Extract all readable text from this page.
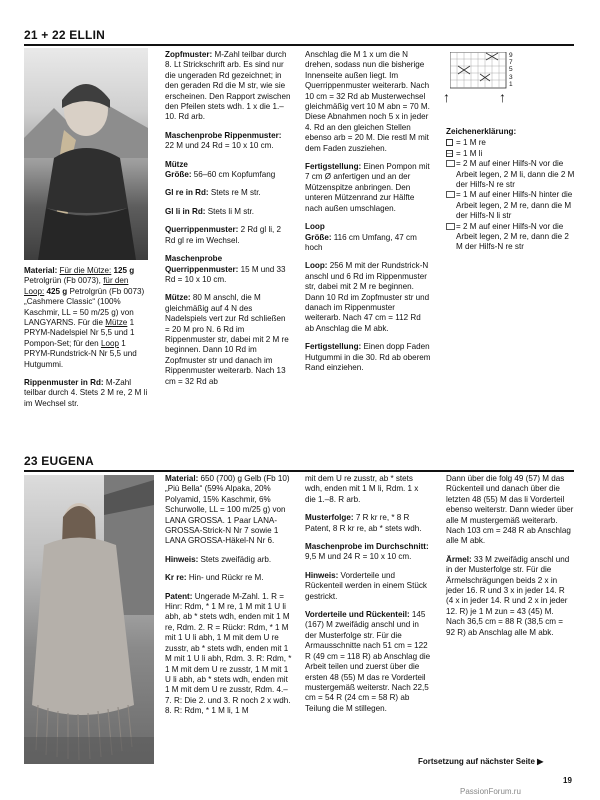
21 + 22 ELLIN

Material: Für die Mütze: 125 g Petrolgrün (Fb 0073), für den Loop: 425 g Petrolgrün (Fb 0073) „Cashmere Classic“ (100% Kaschmir, LL = 50 m/25 g) von LANGYARNS. Für die Mütze 1 PRYM-Nadelspiel Nr 5,5 und 1 Pompon-Set; für den Loop 1 PRYM-Rundstrick-N Nr 5,5 und Hutgummi.

Rippenmuster in Rd: M-Zahl teilbar durch 4. Stets 2 M re, 2 M li im Wechsel str.

Zopfmuster: M-Zahl teilbar durch 8. Lt Strickschrift arb. Es sind nur die ungeraden Rd gezeichnet; in den geraden Rd die M str, wie sie erscheinen. Den Rapport zwischen den Pfeilen stets wdh. 1 x die 1.–10. Rd arb.

Maschenprobe Rippenmuster: 22 M und 24 Rd = 10 x 10 cm.

Mütze

Größe: 56–60 cm Kopfumfang

Gl re in Rd: Stets re M str.

Gl li in Rd: Stets li M str.

Querrippenmuster: 2 Rd gl li, 2 Rd gl re im Wechsel.

Maschenprobe Querrippenmuster: 15 M und 33 Rd = 10 x 10 cm.

Mütze: 80 M anschl, die M gleichmäßig auf 4 N des Nadelspiels vert zur Rd schließen = 20 M pro N. 6 Rd im Rippenmuster str, dabei mit 2 M re beginnen. Dann 10 Rd im Zopfmuster str und danach im Rippenmuster weiterarb. Nach 13 cm = 32 Rd ab

Anschlag die M 1 x um die N drehen, sodass nun die bisherige Innenseite außen liegt. Im Querrippenmuster weiterarb. Nach 10 cm = 32 Rd ab Musterwechsel gleichmäßig vert 10 M abn = 70 M. Diese Abnahmen noch 5 x in jeder 4. Rd an den gleichen Stellen ebenso arb = 20 M. Die restl M mit dem Faden zusziehen.

Fertigstellung: Einen Pompon mit 7 cm Ø anfertigen und an der Mützenspitze anbringen. Den unteren Mützenrand zur Hälfte nach außen umschlagen.

Loop

Größe: 116 cm Umfang, 47 cm hoch

Loop: 256 M mit der Rundstrick-N anschl und 6 Rd im Rippenmuster str, dabei mit 2 M re beginnen. Dann 10 Rd im Zopfmuster str und danach im Rippenmuster weiterarb. Nach 47 cm = 112 Rd ab Anschlag die M abk.

Fertigstellung: Einen dopp Faden Hutgummi in die 30. Rd ab oberem Rand einziehen.

9
7
5
3
1
↑	↑
Zeichenerklärung:
= 1 M re
= 1 M li
= 2 M auf einer Hilfs-N vor die Arbeit legen, 2 M li, dann die 2 M der Hilfs-N re str
= 1 M auf einer Hilfs-N hinter die Arbeit legen, 2 M re, dann die M der Hilfs-N li str
= 2 M auf einer Hilfs-N vor die Arbeit legen, 2 M re, dann die 2 M der Hilfs-N re str
23 EUGENA

Material: 650 (700) g Gelb (Fb 10) „Più Bella“ (59% Alpaka, 20% Polyamid, 15% Kaschmir, 6% Schurwolle, LL = 100 m/25 g) von LANA GROSSA. 1 Paar LANA-GROSSA-Strick-N Nr 7 sowie 1 LANA GROSSA-Häkel-N Nr 6.

Hinweis: Stets zweifädig arb.

Kr re: Hin- und Rückr re M.

Patent: Ungerade M-Zahl. 1. R = Hinr: Rdm, * 1 M re, 1 M mit 1 U li abh, ab * stets wdh, enden mit 1 M re, Rdm. 2. R = Rückr: Rdm, * 1 M mit 1 U li abh, 1 M mit dem U re zusstr, ab * stets wdh, enden mit 1 M mit 1 U li abh, Rdm. 3. R: Rdm, * 1 M mit dem U re zusstr, 1 M mit 1 U li abh, ab * stets wdh, enden mit 1 M mit dem U re zusstr, Rdm. 4.–7. R: Die 2. und 3. R noch 2 x wdh. 8. R: Rdm, * 1 M li, 1 M

mit dem U re zusstr, ab * stets wdh, enden mit 1 M li, Rdm. 1 x die 1.–8. R arb.

Musterfolge: 7 R kr re, * 8 R Patent, 8 R kr re, ab * stets wdh.

Maschenprobe im Durchschnitt: 9,5 M und 24 R = 10 x 10 cm.

Hinweis: Vorderteile und Rückenteil werden in einem Stück gestrickt.

Vorderteile und Rückenteil: 145 (167) M zweifädig anschl und in der Musterfolge str. Für die Armausschnitte nach 51 cm = 122 R (49 cm = 118 R) ab Anschlag die Arbeit teilen und zuerst über die ersten 48 (55) M das re Vorderteil mustergemäß weiterstr. Nach 22,5 cm = 54 R (24 cm = 58 R) ab Teilung die M stillegen.

Dann über die folg 49 (57) M das Rückenteil und danach über die letzten 48 (55) M das li Vorderteil ebenso weiterstr. Dann wieder über alle M mustergemäß weiterarb. Nach 103 cm = 248 R ab Anschlag alle M abk.

Ärmel: 33 M zweifädig anschl und in der Musterfolge str. Für die Ärmelschrägungen beids 2 x in jeder 16. R und 3 x in jeder 14. R (4 x in jeder 14. R und 2 x in jeder 12. R) je 1 M zun = 43 (45) M. Nach 36,5 cm = 88 R (38,5 cm = 92 R) ab Anschlag alle M abk.

Fortsetzung auf nächster Seite ▶
19
PassionForum.ru
